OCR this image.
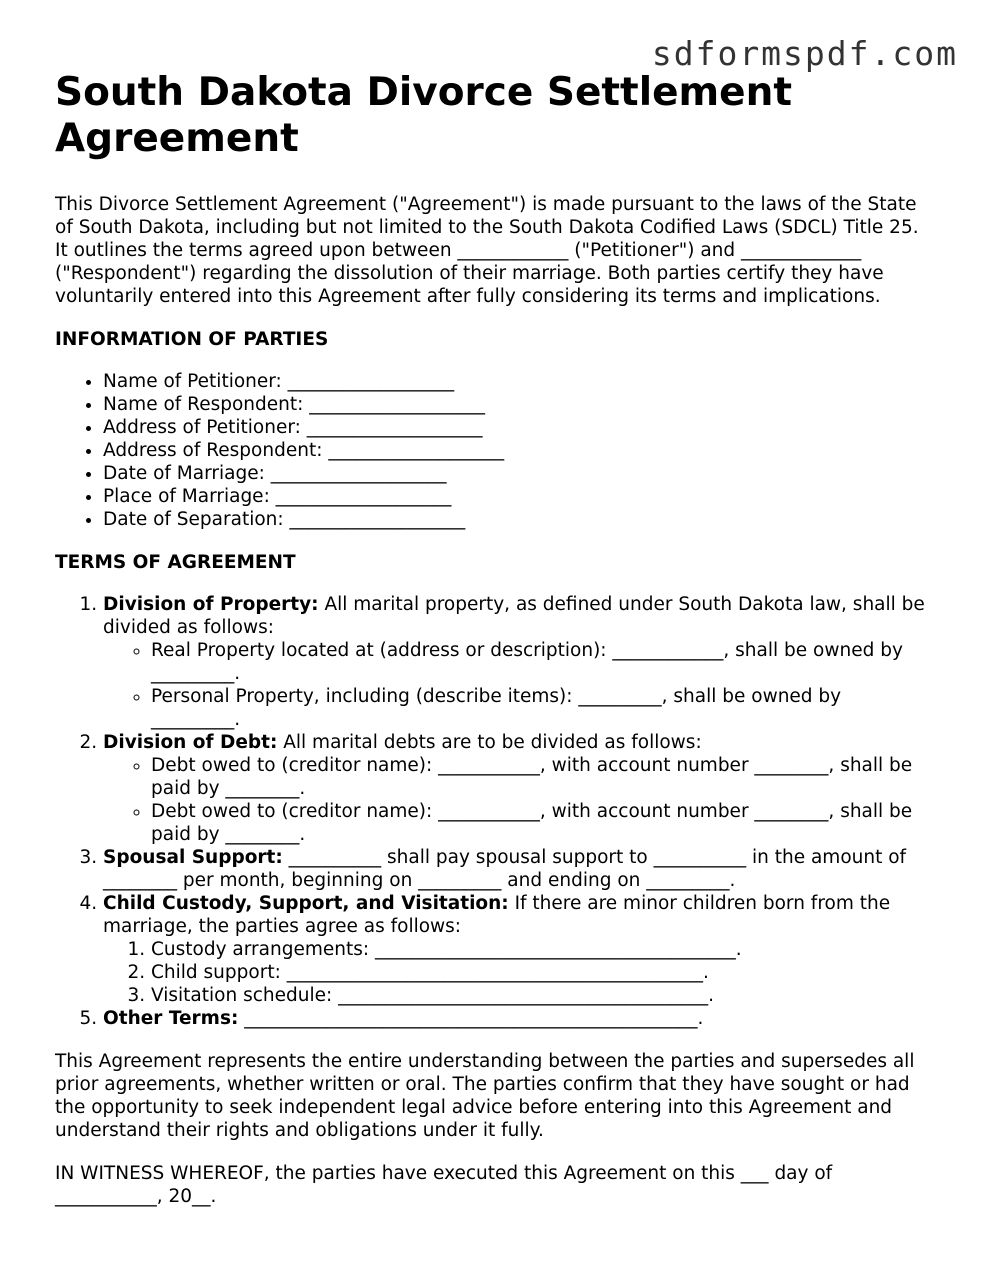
sdformspdf.com
South Dakota Divorce Settlement Agreement

This Divorce Settlement Agreement ("Agreement") is made pursuant to the laws of the State of South Dakota, including but not limited to the South Dakota Codified Laws (SDCL) Title 25. It outlines the terms agreed upon between ____________ ("Petitioner") and _____________ ("Respondent") regarding the dissolution of their marriage. Both parties certify they have voluntarily entered into this Agreement after fully considering its terms and implications.

INFORMATION OF PARTIES
• Name of Petitioner: __________________
• Name of Respondent: ___________________
• Address of Petitioner: ___________________
• Address of Respondent: ___________________
• Date of Marriage: ___________________
• Place of Marriage: ___________________
• Date of Separation: ___________________
TERMS OF AGREEMENT
1. Division of Property: All marital property, as defined under South Dakota law, shall be divided as follows:
◦ Real Property located at (address or description): ____________, shall be owned by _________.
◦ Personal Property, including (describe items): _________, shall be owned by _________.
2. Division of Debt: All marital debts are to be divided as follows:
◦ Debt owed to (creditor name): ___________, with account number ________, shall be paid by ________.
◦ Debt owed to (creditor name): ___________, with account number ________, shall be paid by ________.
3. Spousal Support: __________ shall pay spousal support to __________ in the amount of ________ per month, beginning on _________ and ending on _________.
4. Child Custody, Support, and Visitation: If there are minor children born from the marriage, the parties agree as follows:
1. Custody arrangements: _______________________________________.
2. Child support: _____________________________________________.
3. Visitation schedule: ________________________________________.
5. Other Terms: _________________________________________________.

This Agreement represents the entire understanding between the parties and supersedes all prior agreements, whether written or oral. The parties confirm that they have sought or had the opportunity to seek independent legal advice before entering into this Agreement and understand their rights and obligations under it fully.

IN WITNESS WHEREOF, the parties have executed this Agreement on this ___ day of ___________, 20__.
